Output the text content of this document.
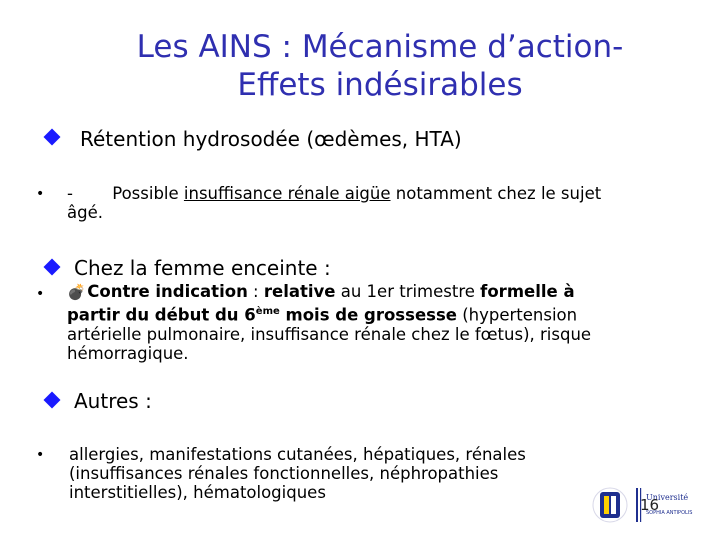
Les AINS : Mécanisme d’action-
Effets indésirables
Rétention hydrosodée (œdèmes, HTA)
• - Possible insuffisance rénale aigüe notamment chez le sujet
âgé.
Chez la femme enceinte :
• 💣 Contre indication : relative au 1er trimestre formelle à
partir du début du 6ème mois de grossesse (hypertension
artérielle pulmonaire, insuffisance rénale chez le fœtus), risque
hémorragique.
Autres :
• allergies, manifestations cutanées, hépatiques, rénales
(insuffisances rénales fonctionnelles, néphropathies
interstitielles), hématologiques	Université
SOPHIA ANTIPOLIS
16
